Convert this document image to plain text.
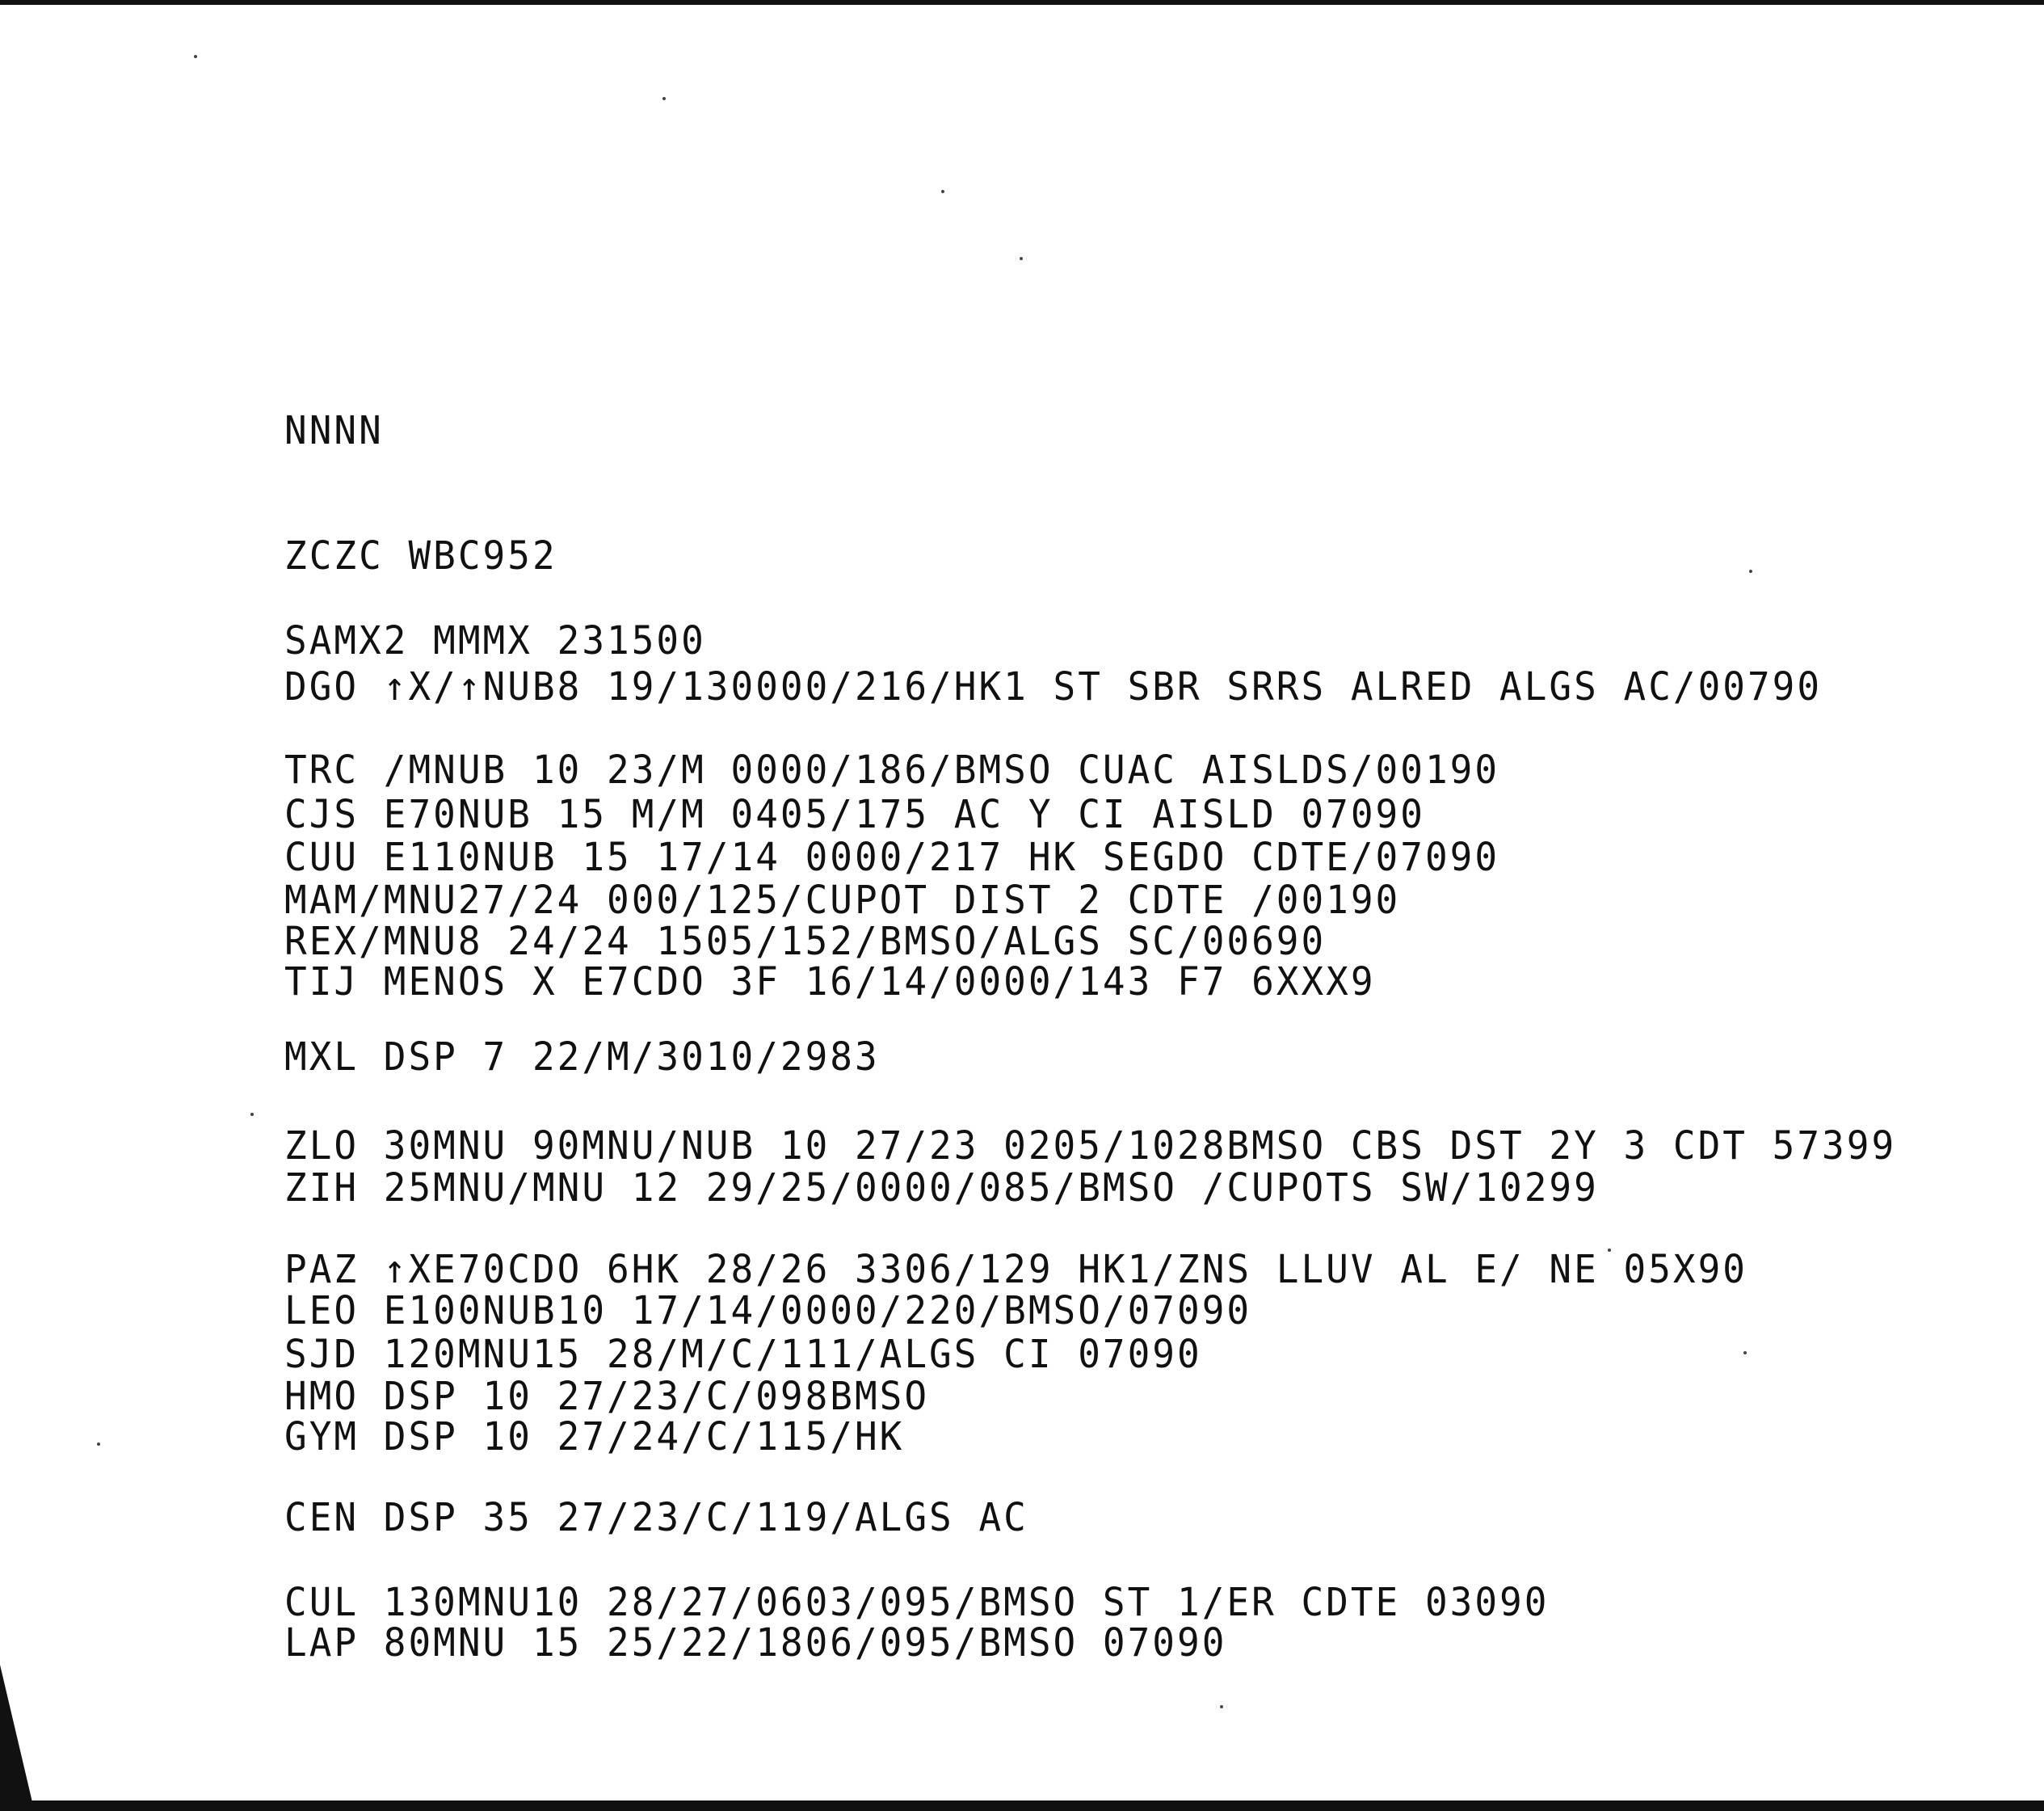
NNNN
ZCZC WBC952
SAMX2 MMMX 231500
DGO ↑X/↑NUB8 19/130000/216/HK1 ST SBR SRRS ALRED ALGS AC/00790
TRC /MNUB 10 23/M 0000/186/BMSO CUAC AISLDS/00190
CJS E70NUB 15 M/M 0405/175 AC Y CI AISLD 07090
CUU E110NUB 15 17/14 0000/217 HK SEGDO CDTE/07090
MAM/MNU27/24 000/125/CUPOT DIST 2 CDTE /00190
REX/MNU8 24/24 1505/152/BMSO/ALGS SC/00690
TIJ MENOS X E7CDO 3F 16/14/0000/143 F7 6XXX9
MXL DSP 7 22/M/3010/2983
ZLO 30MNU 90MNU/NUB 10 27/23 0205/1028BMSO CBS DST 2Y 3 CDT 57399
ZIH 25MNU/MNU 12 29/25/0000/085/BMSO /CUPOTS SW/10299
PAZ ↑XE70CDO 6HK 28/26 3306/129 HK1/ZNS LLUV AL E/ NE 05X90
LEO E100NUB10 17/14/0000/220/BMSO/07090
SJD 120MNU15 28/M/C/111/ALGS CI 07090
HMO DSP 10 27/23/C/098BMSO
GYM DSP 10 27/24/C/115/HK
CEN DSP 35 27/23/C/119/ALGS AC
CUL 130MNU10 28/27/0603/095/BMSO ST 1/ER CDTE 03090
LAP 80MNU 15 25/22/1806/095/BMSO 07090
